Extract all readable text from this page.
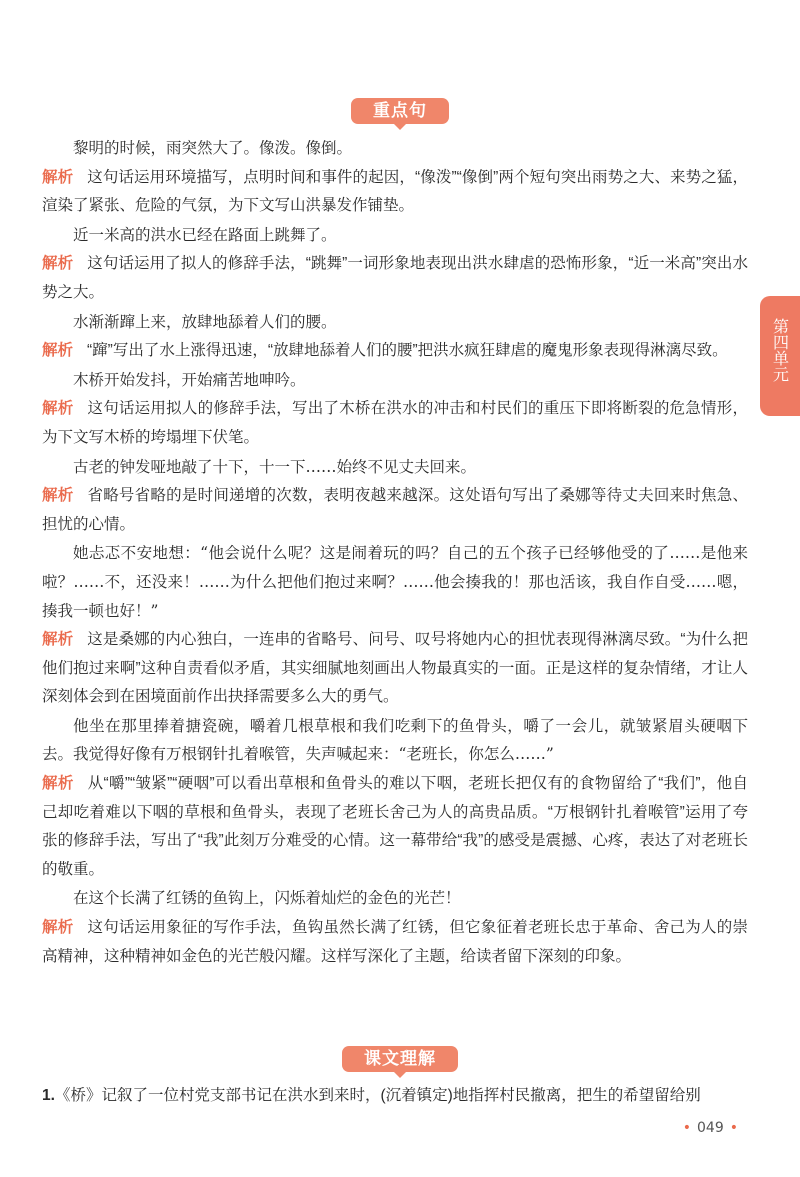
重点句

黎明的时候，雨突然大了。像泼。像倒。

解析 这句话运用环境描写，点明时间和事件的起因，“像泼”“像倒”两个短句突出雨势之大、来势之猛，渲染了紧张、危险的气氛，为下文写山洪暴发作铺垫。

近一米高的洪水已经在路面上跳舞了。

解析 这句话运用了拟人的修辞手法，“跳舞”一词形象地表现出洪水肆虐的恐怖形象，“近一米高”突出水势之大。

水渐渐蹿上来，放肆地舔着人们的腰。

解析 “蹿”写出了水上涨得迅速，“放肆地舔着人们的腰”把洪水疯狂肆虐的魔鬼形象表现得淋漓尽致。

木桥开始发抖，开始痛苦地呻吟。

解析 这句话运用拟人的修辞手法，写出了木桥在洪水的冲击和村民们的重压下即将断裂的危急情形，为下文写木桥的垮塌埋下伏笔。

古老的钟发哑地敲了十下，十一下……始终不见丈夫回来。

解析 省略号省略的是时间递增的次数，表明夜越来越深。这处语句写出了桑娜等待丈夫回来时焦急、担忧的心情。

她忐忑不安地想：“他会说什么呢？这是闹着玩的吗？自己的五个孩子已经够他受的了……是他来啦？……不，还没来！……为什么把他们抱过来啊？……他会揍我的！那也活该，我自作自受……嗯，揍我一顿也好！”

解析 这是桑娜的内心独白，一连串的省略号、问号、叹号将她内心的担忧表现得淋漓尽致。“为什么把他们抱过来啊”这种自责看似矛盾，其实细腻地刻画出人物最真实的一面。正是这样的复杂情绪，才让人深刻体会到在困境面前作出抉择需要多么大的勇气。

他坐在那里捧着搪瓷碗，嚼着几根草根和我们吃剩下的鱼骨头，嚼了一会儿，就皱紧眉头硬咽下去。我觉得好像有万根钢针扎着喉管，失声喊起来：“老班长，你怎么……”

解析 从“嚼”“皱紧”“硬咽”可以看出草根和鱼骨头的难以下咽，老班长把仅有的食物留给了“我们”，他自己却吃着难以下咽的草根和鱼骨头，表现了老班长舍己为人的高贵品质。“万根钢针扎着喉管”运用了夸张的修辞手法，写出了“我”此刻万分难受的心情。这一幕带给“我”的感受是震撼、心疼，表达了对老班长的敬重。

在这个长满了红锈的鱼钩上，闪烁着灿烂的金色的光芒！

解析 这句话运用象征的写作手法，鱼钩虽然长满了红锈，但它象征着老班长忠于革命、舍己为人的崇高精神，这种精神如金色的光芒般闪耀。这样写深化了主题，给读者留下深刻的印象。

课文理解
1.《桥》记叙了一位村党支部书记在洪水到来时，(沉着镇定)地指挥村民撤离，把生的希望留给别
第四单元
• 049 •
